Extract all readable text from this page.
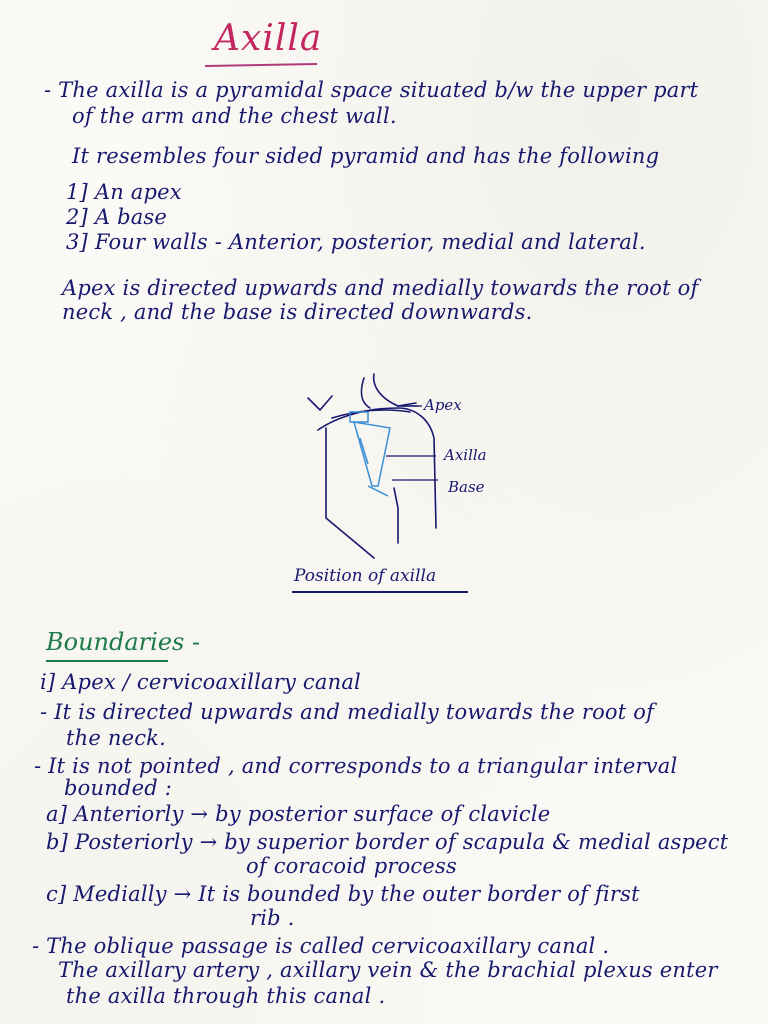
Axilla
- The axilla is a pyramidal space situated b/w the upper part
of the arm and the chest wall.
It resembles four sided pyramid and has the following
1] An apex
2] A base
3] Four walls - Anterior, posterior, medial and lateral.
Apex is directed upwards and medially towards the root of
neck , and the base is directed downwards.
Apex
Axilla
Base
Position of axilla
Boundaries -
i] Apex / cervicoaxillary canal
- It is directed upwards and medially towards the root of
the neck.
- It is not pointed , and corresponds to a triangular interval
bounded :
a] Anteriorly → by posterior surface of clavicle
b] Posteriorly → by superior border of scapula & medial aspect
of coracoid process
c] Medially → It is bounded by the outer border of first
rib .
- The oblique passage is called cervicoaxillary canal .
The axillary artery , axillary vein & the brachial plexus enter
the axilla through this canal .
